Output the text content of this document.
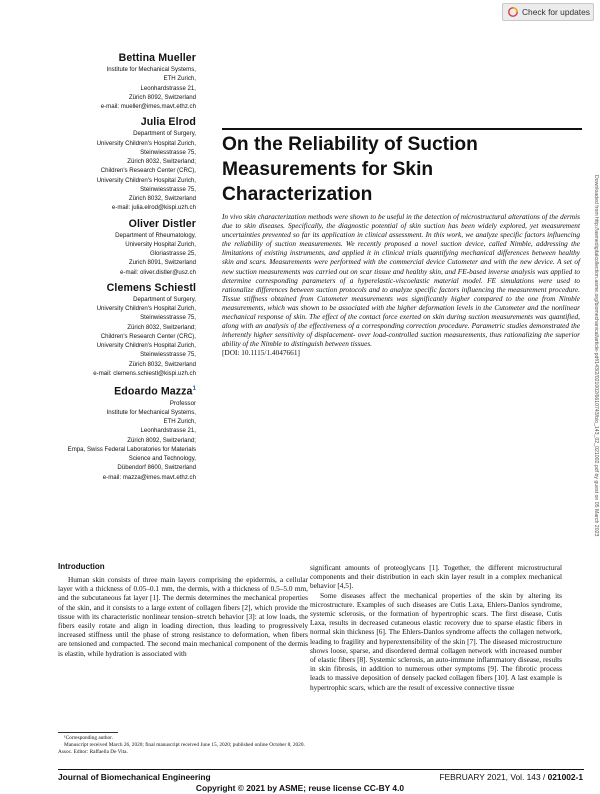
Check for updates
Bettina Mueller
Institute for Mechanical Systems,
ETH Zurich,
Leonhardstrasse 21,
Zürich 8092, Switzerland
e-mail: mueller@imes.mavt.ethz.ch
Julia Elrod
Department of Surgery,
University Children's Hospital Zurich,
Steinwiesstrasse 75,
Zürich 8032, Switzerland;
Children's Research Center (CRC),
University Children's Hospital Zurich,
Steinwiesstrasse 75,
Zürich 8032, Switzerland
e-mail: julia.elrod@kispi.uzh.ch
Oliver Distler
Department of Rheumatology,
University Hospital Zurich,
Gloriastrasse 25,
Zurich 8091, Switzerland
e-mail: oliver.distler@usz.ch
Clemens Schiestl
Department of Surgery,
University Children's Hospital Zurich,
Steinwiesstrasse 75,
Zürich 8032, Switzerland;
Children's Research Center (CRC),
University Children's Hospital Zurich,
Steinwiesstrasse 75,
Zürich 8032, Switzerland
e-mail: clemens.schiestl@kispi.uzh.ch
Edoardo Mazza$^1$
Professor
Institute for Mechanical Systems,
ETH Zurich,
Leonhardstrasse 21,
Zürich 8092, Switzerland;
Empa, Swiss Federal Laboratories for Materials
Science and Technology,
Dübendorf 8600, Switzerland
e-mail: mazza@imes.mavt.ethz.ch
On the Reliability of Suction Measurements for Skin Characterization
In vivo skin characterization methods were shown to be useful in the detection of microstructural alterations of the dermis due to skin diseases. Specifically, the diagnostic potential of skin suction has been widely explored, yet measurement uncertainties prevented so far its application in clinical assessment. In this work, we analyze specific factors influencing the reliability of suction measurements. We recently proposed a novel suction device, called Nimble, addressing the limitations of existing instruments, and applied it in clinical trials quantifying mechanical differences between healthy skin and scars. Measurements were performed with the commercial device Cutometer and with the new device. A set of new suction measurements was carried out on scar tissue and healthy skin, and FE-based inverse analysis was applied to determine corresponding parameters of a hyperelastic-viscoelastic material model. FE simulations were used to rationalize differences between suction protocols and to analyze specific factors influencing the measurement procedure. Tissue stiffness obtained from Cutometer measurements was significantly higher compared to the one from Nimble measurements, which was shown to be associated with the higher deformation levels in the Cutometer and the nonlinear mechanical response of skin. The effect of the contact force exerted on skin during suction measurements was quantified, along with an analysis of the effectiveness of a corresponding correction procedure. Parametric studies demonstrated the inherently higher sensitivity of displacement- over load-controlled suction measurements, thus rationalizing the superior ability of the Nimble to distinguish between tissues.
[DOI: 10.1115/1.4047661]	Downloaded from http://asmedigitalcollection.asme.org/biomechanical/article-pdf/143/2/021002/6610743/bio_143_02_021002.pdf by guest on 05 March 2023
Introduction

Human skin consists of three main layers comprising the epidermis, a cellular layer with a thickness of 0.05–0.1 mm, the dermis, with a thickness of 0.5–5.0 mm, and the subcutaneous fat layer [1]. The dermis determines the mechanical properties of the skin, and it consists to a large extent of collagen fibers [2], which provide the tissue with its characteristic nonlinear tension–stretch behavior [3]: at low loads, the fibers easily rotate and align in loading direction, thus leading to progressively increased stiffness until the phase of strong resistance to deformation, when fibers are tensioned and compacted. The second main mechanical component of the dermis is elastin, while hydration is associated with

significant amounts of proteoglycans [1]. Together, the different microstructural components and their distribution in each skin layer result in a complex mechanical behavior [4,5].

Some diseases affect the mechanical properties of the skin by altering its microstructure. Examples of such diseases are Cutis Laxa, Ehlers-Danlos syndrome, systemic sclerosis, or the formation of hypertrophic scars. The first disease, Cutis Laxa, results in decreased cutaneous elastic recovery due to sparse elastic fibers in normal skin thickness [6]. The Ehlers-Danlos syndrome affects the collagen network, leading to fragility and hyperextensibility of the skin [7]. The diseased microstructure shows loose, sparse, and disordered dermal collagen network with increased number of elastic fibers [8]. Systemic sclerosis, an auto-immune inflammatory disease, results in skin fibrosis, in addition to numerous other symptoms [9]. The fibrotic process leads to massive deposition of densely packed collagen fibers [10]. A last example is hypertrophic scars, which are the result of excessive connective tissue

¹Corresponding author.

Manuscript received March 26, 2020; final manuscript received June 15, 2020; published online October 8, 2020. Assoc. Editor: Raffaella De Vita.

Journal of Biomechanical Engineering	FEBRUARY 2021, Vol. 143 / 021002-1
Copyright © 2021 by ASME; reuse license CC-BY 4.0
